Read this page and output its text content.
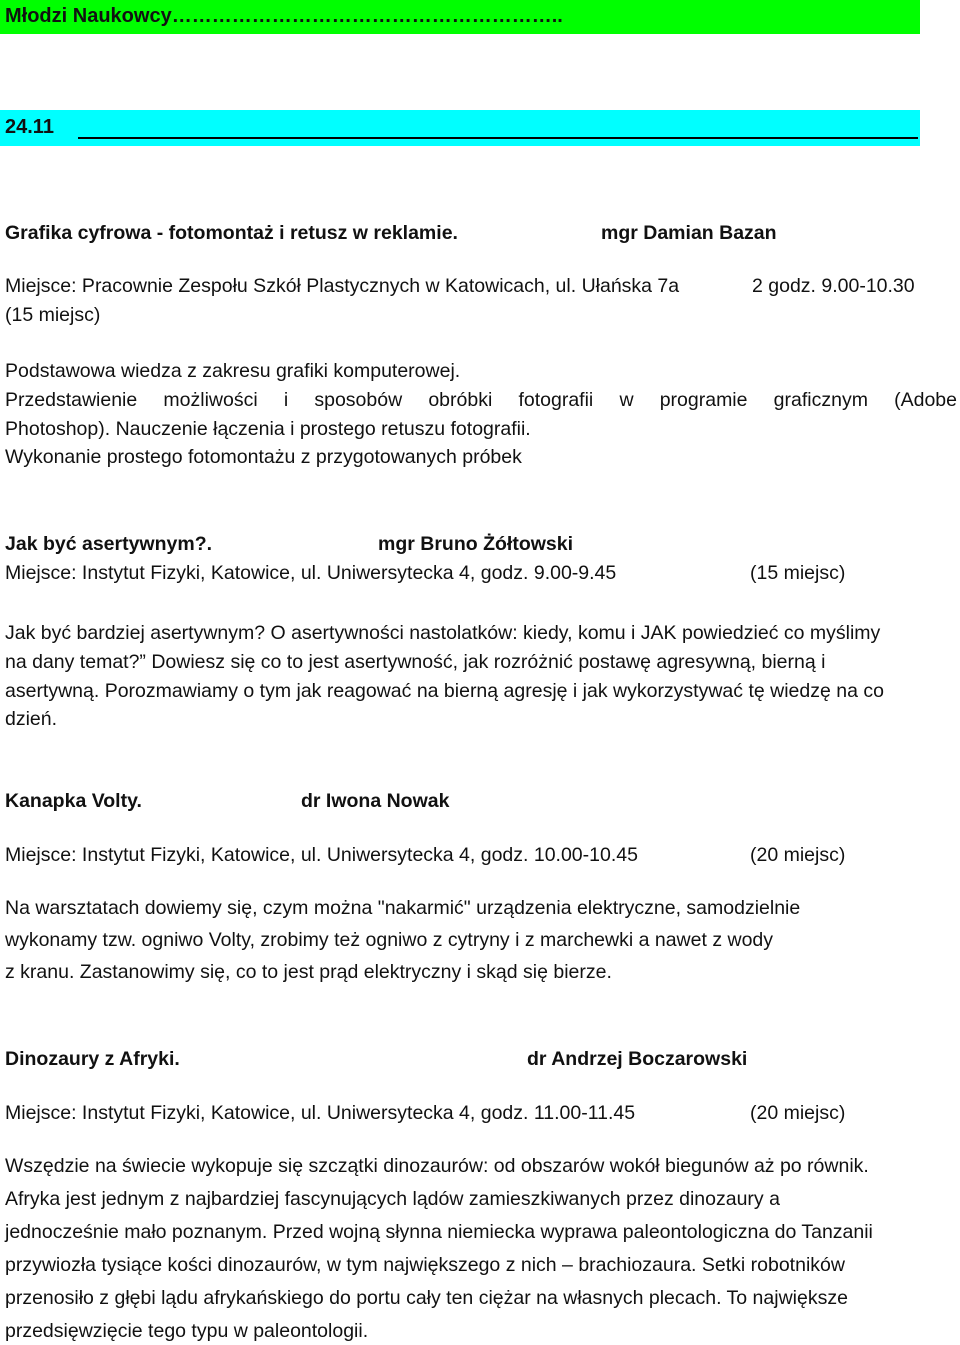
Młodzi Naukowcy…………………………………………………..
24.11
Grafika cyfrowa - fotomontaż i retusz w reklamie.	mgr Damian Bazan
Miejsce: Pracownie Zespołu Szkół Plastycznych w Katowicach, ul. Ułańska 7a	2 godz. 9.00-10.30
(15 miejsc)
Podstawowa wiedza z zakresu grafiki komputerowej.
Przedstawienie możliwości i sposobów obróbki fotografii w programie graficznym (Adobe
Photoshop). Nauczenie łączenia i prostego retuszu fotografii.
Wykonanie prostego fotomontażu z przygotowanych próbek
Jak być asertywnym?.	mgr Bruno Żółtowski
Miejsce: Instytut Fizyki, Katowice, ul. Uniwersytecka 4, godz. 9.00-9.45	(15 miejsc)
Jak być bardziej asertywnym? O asertywności nastolatków: kiedy, komu i JAK powiedzieć co myślimy
na dany temat?” Dowiesz się co to jest asertywność, jak rozróżnić postawę agresywną, bierną i
asertywną. Porozmawiamy o tym jak reagować na bierną agresję i jak wykorzystywać tę wiedzę na co
dzień.
Kanapka Volty.	dr Iwona Nowak
Miejsce: Instytut Fizyki, Katowice, ul. Uniwersytecka 4, godz. 10.00-10.45	(20 miejsc)
Na warsztatach dowiemy się, czym można "nakarmić" urządzenia elektryczne, samodzielnie
wykonamy tzw. ogniwo Volty, zrobimy też ogniwo z cytryny i z marchewki a nawet z wody
z kranu. Zastanowimy się, co to jest prąd elektryczny i skąd się bierze.
Dinozaury z Afryki.	dr Andrzej Boczarowski
Miejsce: Instytut Fizyki, Katowice, ul. Uniwersytecka 4, godz. 11.00-11.45	(20 miejsc)
Wszędzie na świecie wykopuje się szczątki dinozaurów: od obszarów wokół biegunów aż po równik.
Afryka jest jednym z najbardziej fascynujących lądów zamieszkiwanych przez dinozaury a
jednocześnie mało poznanym. Przed wojną słynna niemiecka wyprawa paleontologiczna do Tanzanii
przywiozła tysiące kości dinozaurów, w tym największego z nich – brachiozaura. Setki robotników
przenosiło z głębi lądu afrykańskiego do portu cały ten ciężar na własnych plecach. To największe
przedsięwzięcie tego typu w paleontologii.
